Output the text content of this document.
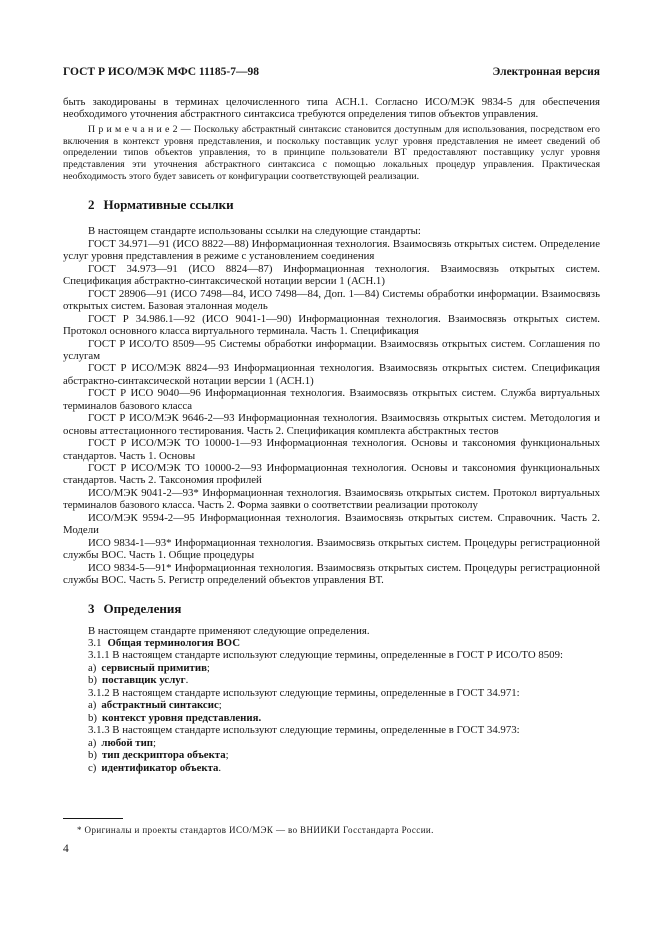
ГОСТ Р ИСО/МЭК МФС 11185-7—98	Электронная версия

быть закодированы в терминах целочисленного типа АСН.1. Согласно ИСО/МЭК 9834-5 для обеспечения необходимого уточнения абстрактного синтаксиса требуются определения типов объектов управления.

П р и м е ч а н и е 2 — Поскольку абстрактный синтаксис становится доступным для использования, посредством его включения в контекст уровня представления, и поскольку поставщик услуг уровня представления не имеет сведений об определении типов объектов управления, то в принципе пользователи ВТ предоставляют поставщику услуг уровня представления эти уточнения абстрактного синтаксиса с помощью локальных процедур управления. Практическая необходимость этого будет зависеть от конфигурации соответствующей реализации.

2 Нормативные ссылки

В настоящем стандарте использованы ссылки на следующие стандарты:

ГОСТ 34.971—91 (ИСО 8822—88) Информационная технология. Взаимосвязь открытых систем. Определение услуг уровня представления в режиме с установлением соединения

ГОСТ 34.973—91 (ИСО 8824—87) Информационная технология. Взаимосвязь открытых систем. Спецификация абстрактно-синтаксической нотации версии 1 (АСН.1)

ГОСТ 28906—91 (ИСО 7498—84, ИСО 7498—84, Доп. 1—84) Системы обработки информации. Взаимосвязь открытых систем. Базовая эталонная модель

ГОСТ Р 34.986.1—92 (ИСО 9041-1—90) Информационная технология. Взаимосвязь открытых систем. Протокол основного класса виртуального терминала. Часть 1. Спецификация

ГОСТ Р ИСО/ТО 8509—95 Системы обработки информации. Взаимосвязь открытых систем. Соглашения по услугам

ГОСТ Р ИСО/МЭК 8824—93 Информационная технология. Взаимосвязь открытых систем. Спецификация абстрактно-синтаксической нотации версии 1 (АСН.1)

ГОСТ Р ИСО 9040—96 Информационная технология. Взаимосвязь открытых систем. Служба виртуальных терминалов базового класса

ГОСТ Р ИСО/МЭК 9646-2—93 Информационная технология. Взаимосвязь открытых систем. Методология и основы аттестационного тестирования. Часть 2. Спецификация комплекта абстрактных тестов

ГОСТ Р ИСО/МЭК ТО 10000-1—93 Информационная технология. Основы и таксономия функциональных стандартов. Часть 1. Основы

ГОСТ Р ИСО/МЭК ТО 10000-2—93 Информационная технология. Основы и таксономия функциональных стандартов. Часть 2. Таксономия профилей

ИСО/МЭК 9041-2—93* Информационная технология. Взаимосвязь открытых систем. Протокол виртуальных терминалов базового класса. Часть 2. Форма заявки о соответствии реализации протоколу

ИСО/МЭК 9594-2—95 Информационная технология. Взаимосвязь открытых систем. Справочник. Часть 2. Модели

ИСО 9834-1—93* Информационная технология. Взаимосвязь открытых систем. Процедуры регистрационной службы ВОС. Часть 1. Общие процедуры

ИСО 9834-5—91* Информационная технология. Взаимосвязь открытых систем. Процедуры регистрационной службы ВОС. Часть 5. Регистр определений объектов управления ВТ.

3 Определения

В настоящем стандарте применяют следующие определения.

3.1 Общая терминология ВОС

3.1.1 В настоящем стандарте используют следующие термины, определенные в ГОСТ Р ИСО/ТО 8509:

a) сервисный примитив;

b) поставщик услуг.

3.1.2 В настоящем стандарте используют следующие термины, определенные в ГОСТ 34.971:

a) абстрактный синтаксис;

b) контекст уровня представления.

3.1.3 В настоящем стандарте используют следующие термины, определенные в ГОСТ 34.973:

a) любой тип;

b) тип дескриптора объекта;

c) идентификатор объекта.

* Оригиналы и проекты стандартов ИСО/МЭК — во ВНИИКИ Госстандарта России.

4
